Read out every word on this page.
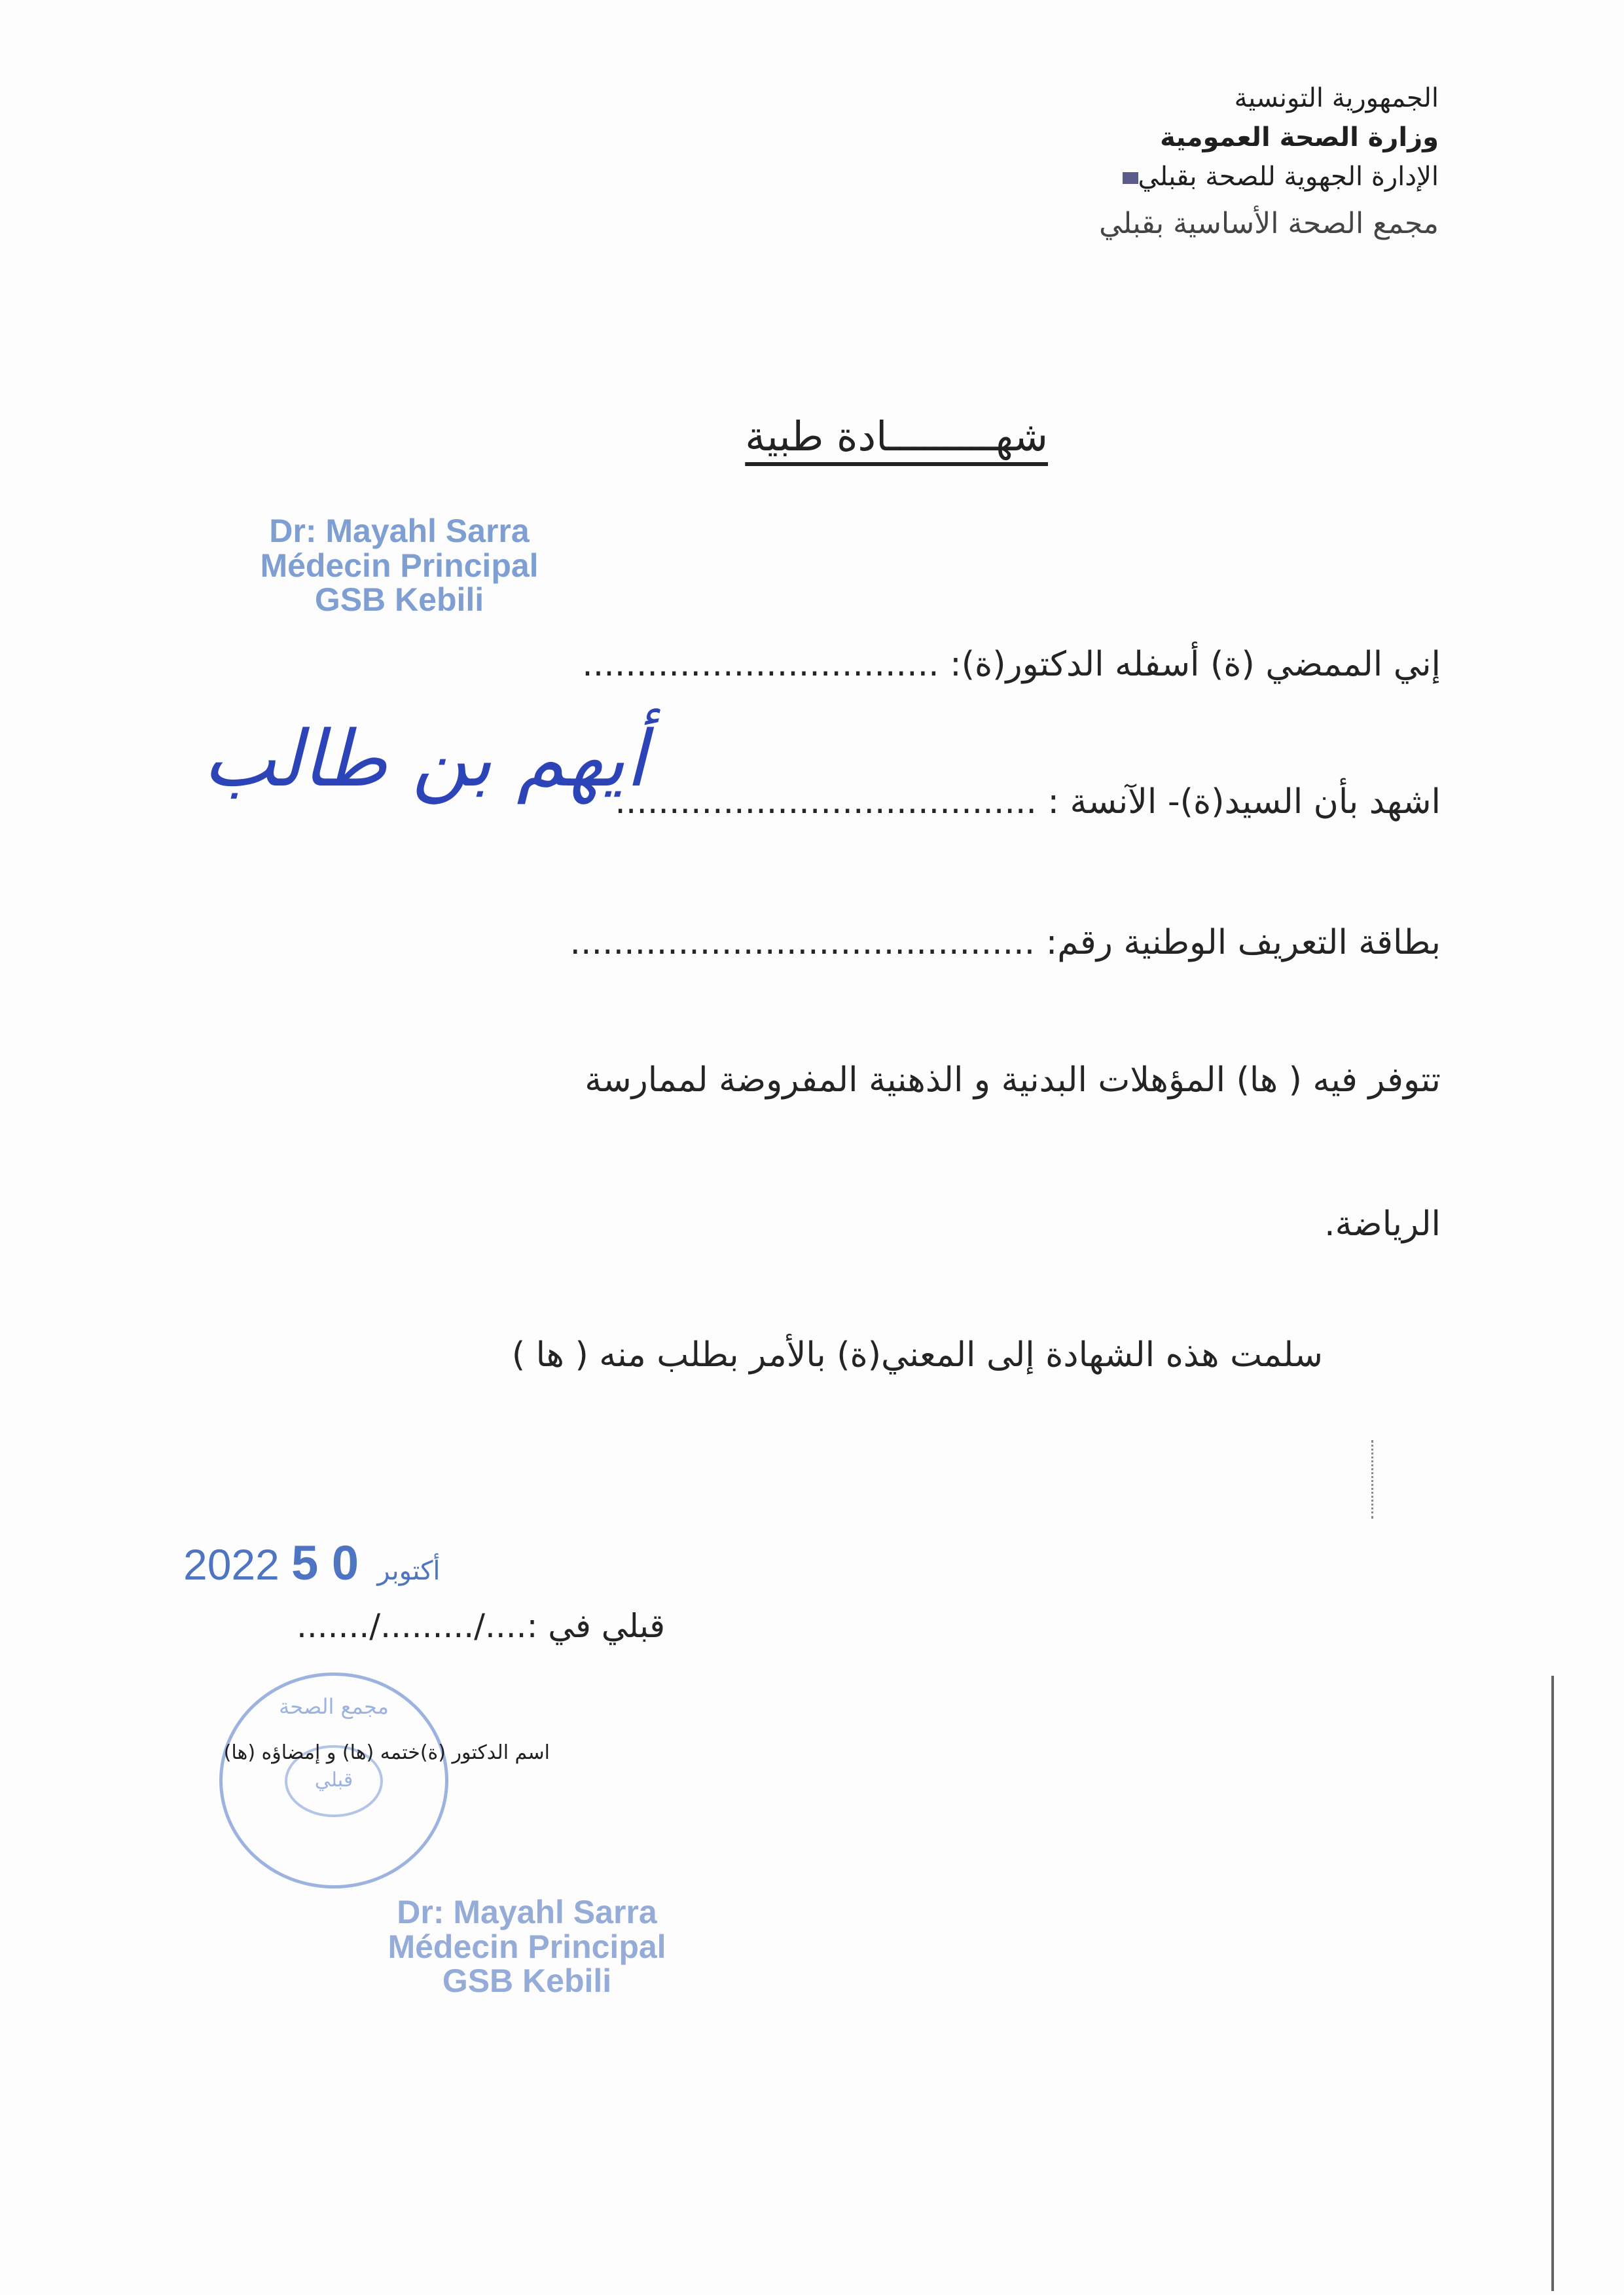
الجمهورية التونسية
وزارة الصحة العمومية
الإدارة الجهوية للصحة بقبلي
مجمع الصحة الأساسية بقبلي
شهـــــــــادة طبية
Dr: Mayahl Sarra
Médecin Principal
GSB Kebili
إني الممضي (ة) أسفله الدكتور(ة): .................................
اشهد بأن السيد(ة)- الآنسة : .......................................
أيهم بن طالب
بطاقة التعريف الوطنية رقم: ...........................................
تتوفر فيه ( ها) المؤهلات البدنية و الذهنية المفروضة لممارسة
الرياضة.
سلمت هذه الشهادة إلى المعني(ة) بالأمر بطلب منه ( ها )
2022	أكتوبر 0 5
قبلي في :..../........./.......
مجمع الصحة
قبلي
اسم الدكتور (ة)ختمه (ها) و إمضاؤه (ها)
Dr: Mayahl Sarra
Médecin Principal
GSB Kebili
